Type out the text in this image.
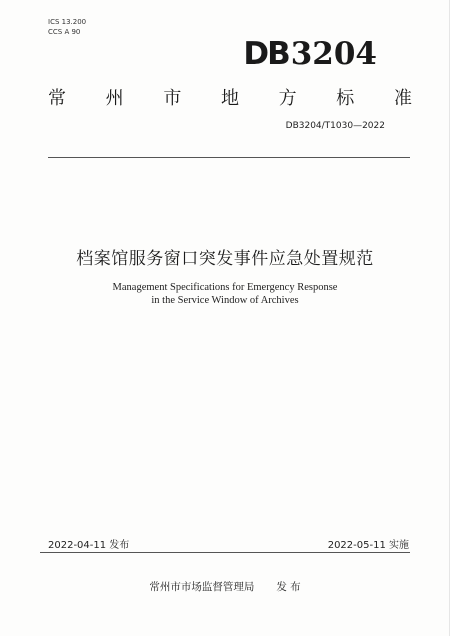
ICS 13.200
CCS A 90
DB3204
常 州 市 地 方 标 准
DB3204/T1030—2022
档案馆服务窗口突发事件应急处置规范
Management Specifications for Emergency Response
in the Service Window of Archives
2022-04-11 发布	2022-05-11 实施
常州市市场监督管理局 发 布
